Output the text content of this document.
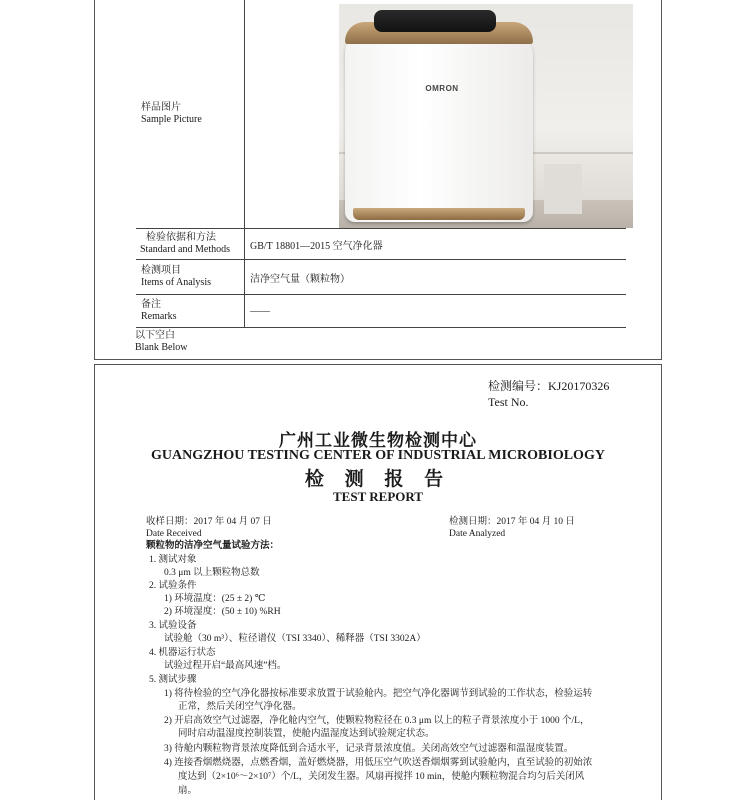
样品图片
Sample Picture
检验依据和方法
Standard and Methods	GB/T 18801—2015 空气净化器
检测项目
Items of Analysis	洁净空气量（颗粒物）
备注
Remarks	——
以下空白
Blank Below
OMRON
检测编号：KJ20170326
Test No.
广州工业微生物检测中心
GUANGZHOU TESTING CENTER OF INDUSTRIAL MICROBIOLOGY
检 测 报 告
TEST REPORT
收样日期：2017 年 04 月 07 日
Date Received
检测日期：2017 年 04 月 10 日
Date Analyzed
颗粒物的洁净空气量试验方法：
1. 测试对象
0.3 μm 以上颗粒物总数
2. 试验条件
1) 环境温度：(25 ± 2) ℃
2) 环境湿度：(50 ± 10) %RH
3. 试验设备
试验舱（30 m³）、粒径谱仪（TSI 3340）、稀释器（TSI 3302A）
4. 机器运行状态
试验过程开启“最高风速”档。
5. 测试步骤
1) 将待检验的空气净化器按标准要求放置于试验舱内。把空气净化器调节到试验的工作状态，检验运转
正常，然后关闭空气净化器。
2) 开启高效空气过滤器，净化舱内空气，使颗粒物粒径在 0.3 μm 以上的粒子背景浓度小于 1000 个/L，
同时启动温湿度控制装置，使舱内温湿度达到试验规定状态。
3) 待舱内颗粒物背景浓度降低到合适水平，记录背景浓度值。关闭高效空气过滤器和温湿度装置。
4) 连接香烟燃烧器，点燃香烟，盖好燃烧器，用低压空气吹送香烟烟雾到试验舱内，直至试验的初始浓
度达到（2×10⁶～2×10⁷）个/L，关闭发生器。风扇再搅拌 10 min，使舱内颗粒物混合均匀后关闭风
扇。
